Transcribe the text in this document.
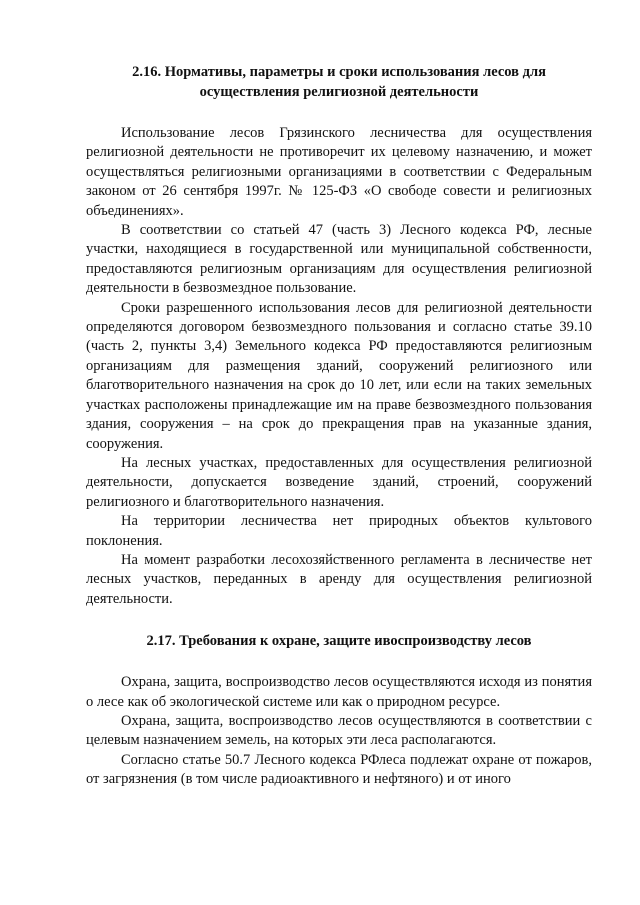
2.16. Нормативы, параметры и сроки использования лесов для
осуществления религиозной деятельности

Использование лесов Грязинского лесничества для осуществления религиозной деятельности не противоречит их целевому назначению, и может осуществляться религиозными организациями в соответствии с Федеральным законом от 26 сентября 1997г. № 125-ФЗ «О свободе совести и религиозных объединениях».

В соответствии со статьей 47 (часть 3) Лесного кодекса РФ, лесные участки, находящиеся в государственной или муниципальной собственности, предоставляются религиозным организациям для осуществления религиозной деятельности в безвозмездное пользование.

Сроки разрешенного использования лесов для религиозной деятельности определяются договором безвозмездного пользования и согласно статье 39.10 (часть 2, пункты 3,4) Земельного кодекса РФ предоставляются религиозным организациям для размещения зданий, сооружений религиозного или благотворительного назначения на срок до 10 лет, или если на таких земельных участках расположены принадлежащие им на праве безвозмездного пользования здания, сооружения – на срок до прекращения прав на указанные здания, сооружения.

На лесных участках, предоставленных для осуществления религиозной деятельности, допускается возведение зданий, строений, сооружений религиозного и благотворительного назначения.

На территории лесничества нет природных объектов культового поклонения.

На момент разработки лесохозяйственного регламента в лесничестве нет лесных участков, переданных в аренду для осуществления религиозной деятельности.

2.17. Требования к охране, защите ивоспроизводству лесов

Охрана, защита, воспроизводство лесов осуществляются исходя из понятия о лесе как об экологической системе или как о природном ресурсе.

Охрана, защита, воспроизводство лесов осуществляются в соответствии с целевым назначением земель, на которых эти леса располагаются.

Согласно статье 50.7 Лесного кодекса РФлеса подлежат охране от пожаров, от загрязнения (в том числе радиоактивного и нефтяного) и от иного
